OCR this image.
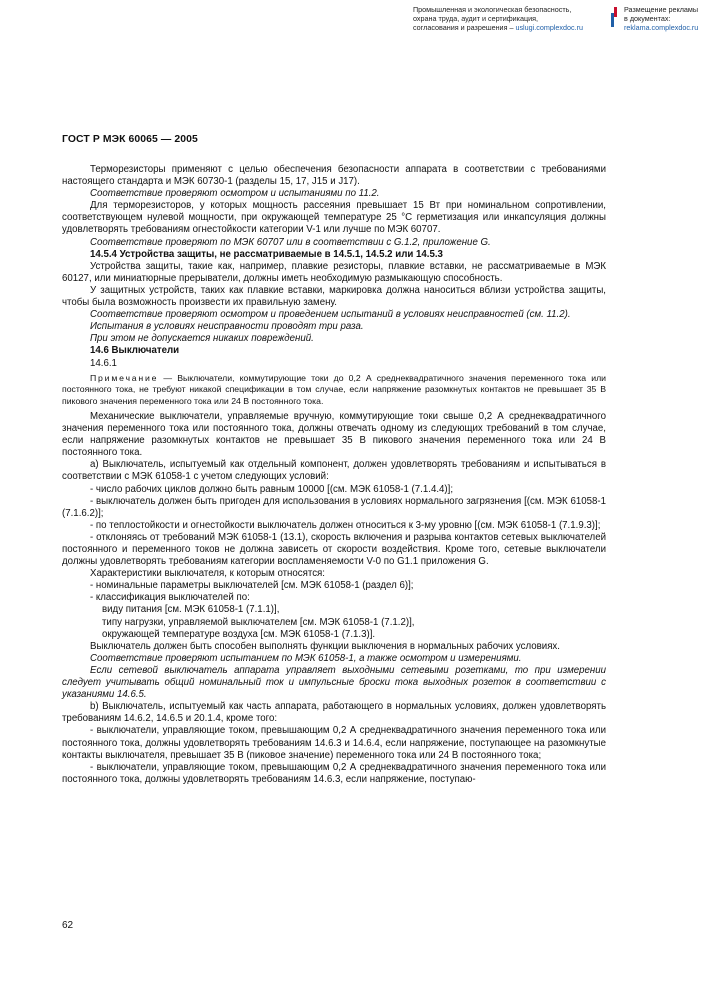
Промышленная и экологическая безопасность,
охрана труда, аудит и сертификация,
согласования и разрешения – uslugi.complexdoc.ru
Размещение рекламы
в документах:
reklama.complexdoc.ru
ГОСТ Р МЭК 60065 — 2005

Терморезисторы применяют с целью обеспечения безопасности аппарата в соответствии с требованиями настоящего стандарта и МЭК 60730-1 (разделы 15, 17, J15 и J17).

Соответствие проверяют осмотром и испытаниями по 11.2.

Для терморезисторов, у которых мощность рассеяния превышает 15 Вт при номинальном сопротивлении, соответствующем нулевой мощности, при окружающей температуре 25 °С герметизация или инкапсуляция должны удовлетворять требованиям огнестойкости категории V-1 или лучше по МЭК 60707.

Соответствие проверяют по МЭК 60707 или в соответствии с G.1.2, приложение G.

14.5.4 Устройства защиты, не рассматриваемые в 14.5.1, 14.5.2 или 14.5.3

Устройства защиты, такие как, например, плавкие резисторы, плавкие вставки, не рассматриваемые в МЭК 60127, или миниатюрные прерыватели, должны иметь необходимую размыкающую способность.

У защитных устройств, таких как плавкие вставки, маркировка должна наноситься вблизи устройства защиты, чтобы была возможность произвести их правильную замену.

Соответствие проверяют осмотром и проведением испытаний в условиях неисправностей (см. 11.2).

Испытания в условиях неисправности проводят три раза.

При этом не допускается никаких повреждений.

14.6 Выключатели

14.6.1

Примечание — Выключатели, коммутирующие токи до 0,2 А среднеквадратичного значения переменного тока или постоянного тока, не требуют никакой спецификации в том случае, если напряжение разомкнутых контактов не превышает 35 В пикового значения переменного тока или 24 В постоянного тока.

Механические выключатели, управляемые вручную, коммутирующие токи свыше 0,2 А среднеквадратичного значения переменного тока или постоянного тока, должны отвечать одному из следующих требований в том случае, если напряжение разомкнутых контактов не превышает 35 В пикового значения переменного тока или 24 В постоянного тока.

а) Выключатель, испытуемый как отдельный компонент, должен удовлетворять требованиям и испытываться в соответствии с МЭК 61058-1 с учетом следующих условий:

- число рабочих циклов должно быть равным 10000 [(см. МЭК 61058-1 (7.1.4.4)];

- выключатель должен быть пригоден для использования в условиях нормального загрязнения [(см. МЭК 61058-1 (7.1.6.2)];

- по теплостойкости и огнестойкости выключатель должен относиться к 3-му уровню [(см. МЭК 61058-1 (7.1.9.3)];

- отклоняясь от требований МЭК 61058-1 (13.1), скорость включения и разрыва контактов сетевых выключателей постоянного и переменного токов не должна зависеть от скорости воздействия. Кроме того, сетевые выключатели должны удовлетворять требованиям категории воспламеняемости V-0 по G1.1 приложения G.

Характеристики выключателя, к которым относятся:

- номинальные параметры выключателей [см. МЭК 61058-1 (раздел 6)];

- классификация выключателей по:

виду питания [см. МЭК 61058-1 (7.1.1)],

типу нагрузки, управляемой выключателем [см. МЭК 61058-1 (7.1.2)],

окружающей температуре воздуха [см. МЭК 61058-1 (7.1.3)].

Выключатель должен быть способен выполнять функции выключения в нормальных рабочих условиях.

Соответствие проверяют испытанием по МЭК 61058-1, а также осмотром и измерениями.

Если сетевой выключатель аппарата управляет выходными сетевыми розетками, то при измерении следует учитывать общий номинальный ток и импульсные броски тока выходных розеток в соответствии с указаниями 14.6.5.

b) Выключатель, испытуемый как часть аппарата, работающего в нормальных условиях, должен удовлетворять требованиям 14.6.2, 14.6.5 и 20.1.4, кроме того:

- выключатели, управляющие током, превышающим 0,2 А среднеквадратичного значения переменного тока или постоянного тока, должны удовлетворять требованиям 14.6.3 и 14.6.4, если напряжение, поступающее на разомкнутые контакты выключателя, превышает 35 В (пиковое значение) переменного тока или 24 В постоянного тока;

- выключатели, управляющие током, превышающим 0,2 А среднеквадратичного значения переменного тока или постоянного тока, должны удовлетворять требованиям 14.6.3, если напряжение, поступаю-

62
